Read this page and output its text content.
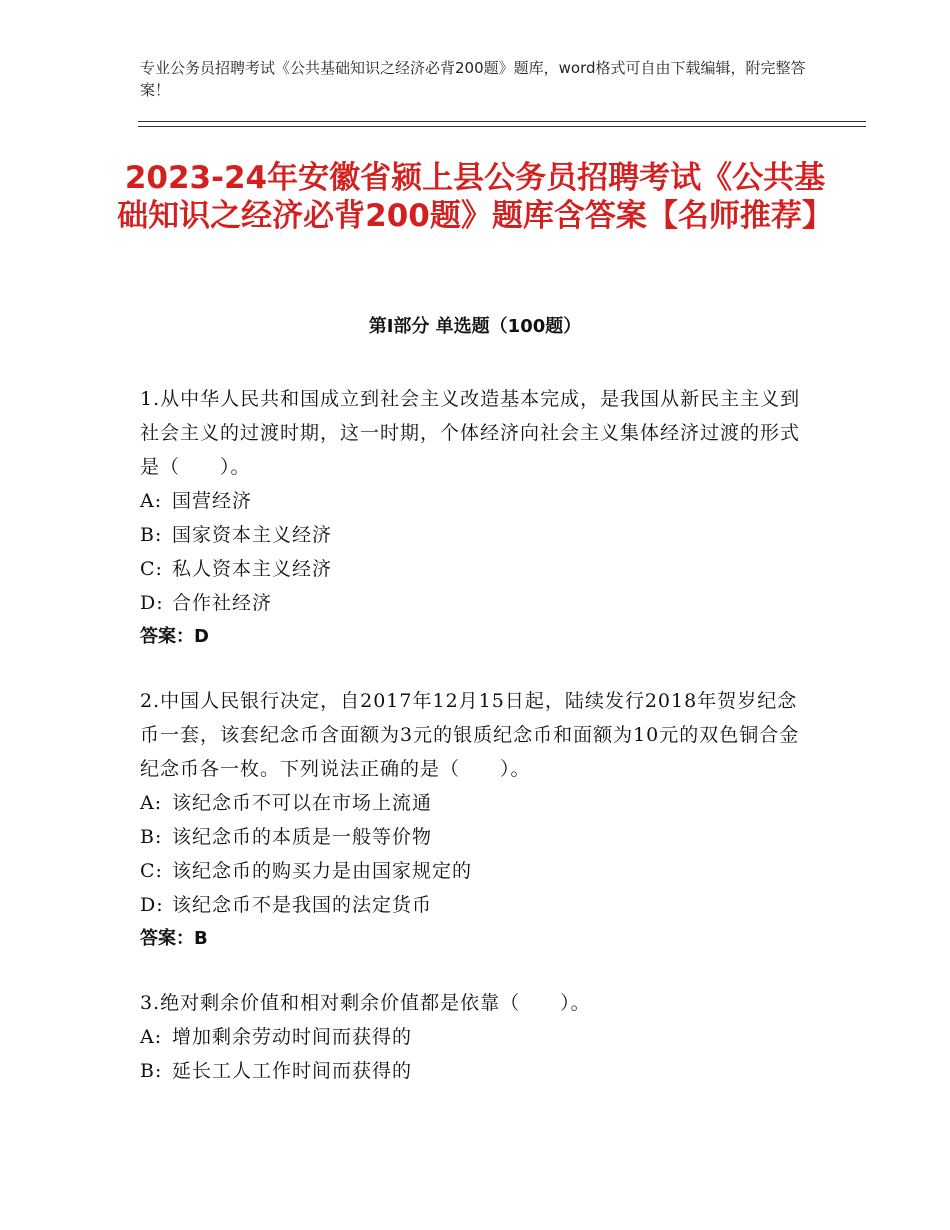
专业公务员招聘考试《公共基础知识之经济必背200题》题库，word格式可自由下载编辑，附完整答案！
2023-24年安徽省颍上县公务员招聘考试《公共基础知识之经济必背200题》题库含答案【名师推荐】
第Ⅰ部分 单选题（100题）
1.从中华人民共和国成立到社会主义改造基本完成，是我国从新民主主义到社会主义的过渡时期，这一时期，个体经济向社会主义集体经济过渡的形式是（　　）。
A: 国营经济
B: 国家资本主义经济
C: 私人资本主义经济
D: 合作社经济
答案：D
2.中国人民银行决定，自2017年12月15日起，陆续发行2018年贺岁纪念币一套，该套纪念币含面额为3元的银质纪念币和面额为10元的双色铜合金纪念币各一枚。下列说法正确的是（　　）。
A: 该纪念币不可以在市场上流通
B: 该纪念币的本质是一般等价物
C: 该纪念币的购买力是由国家规定的
D: 该纪念币不是我国的法定货币
答案：B
3.绝对剩余价值和相对剩余价值都是依靠（　　）。
A: 增加剩余劳动时间而获得的
B: 延长工人工作时间而获得的
